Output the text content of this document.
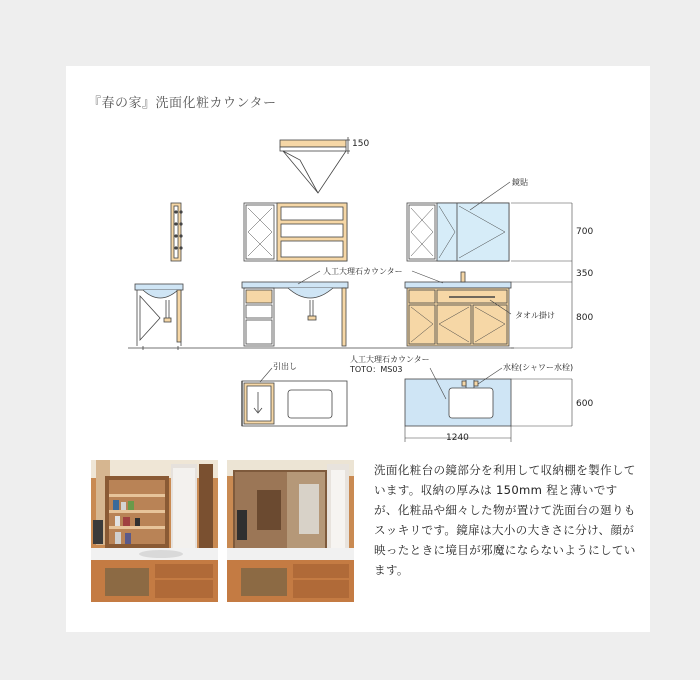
『春の家』洗面化粧カウンター
150
鏡貼
700
人工大理石カウンター	350
タオル掛け 800
引出し
人工大理石カウンター
TOTO：MS03	水栓(シャワー水栓)
600
1240

洗面化粧台の鏡部分を利用して収納棚を製作しています。収納の厚みは 150mm 程と薄いですが、化粧品や細々した物が置けて洗面台の廻りもスッキリです。鏡扉は大小の大きさに分け、顔が映ったときに境目が邪魔にならないようにしています。
